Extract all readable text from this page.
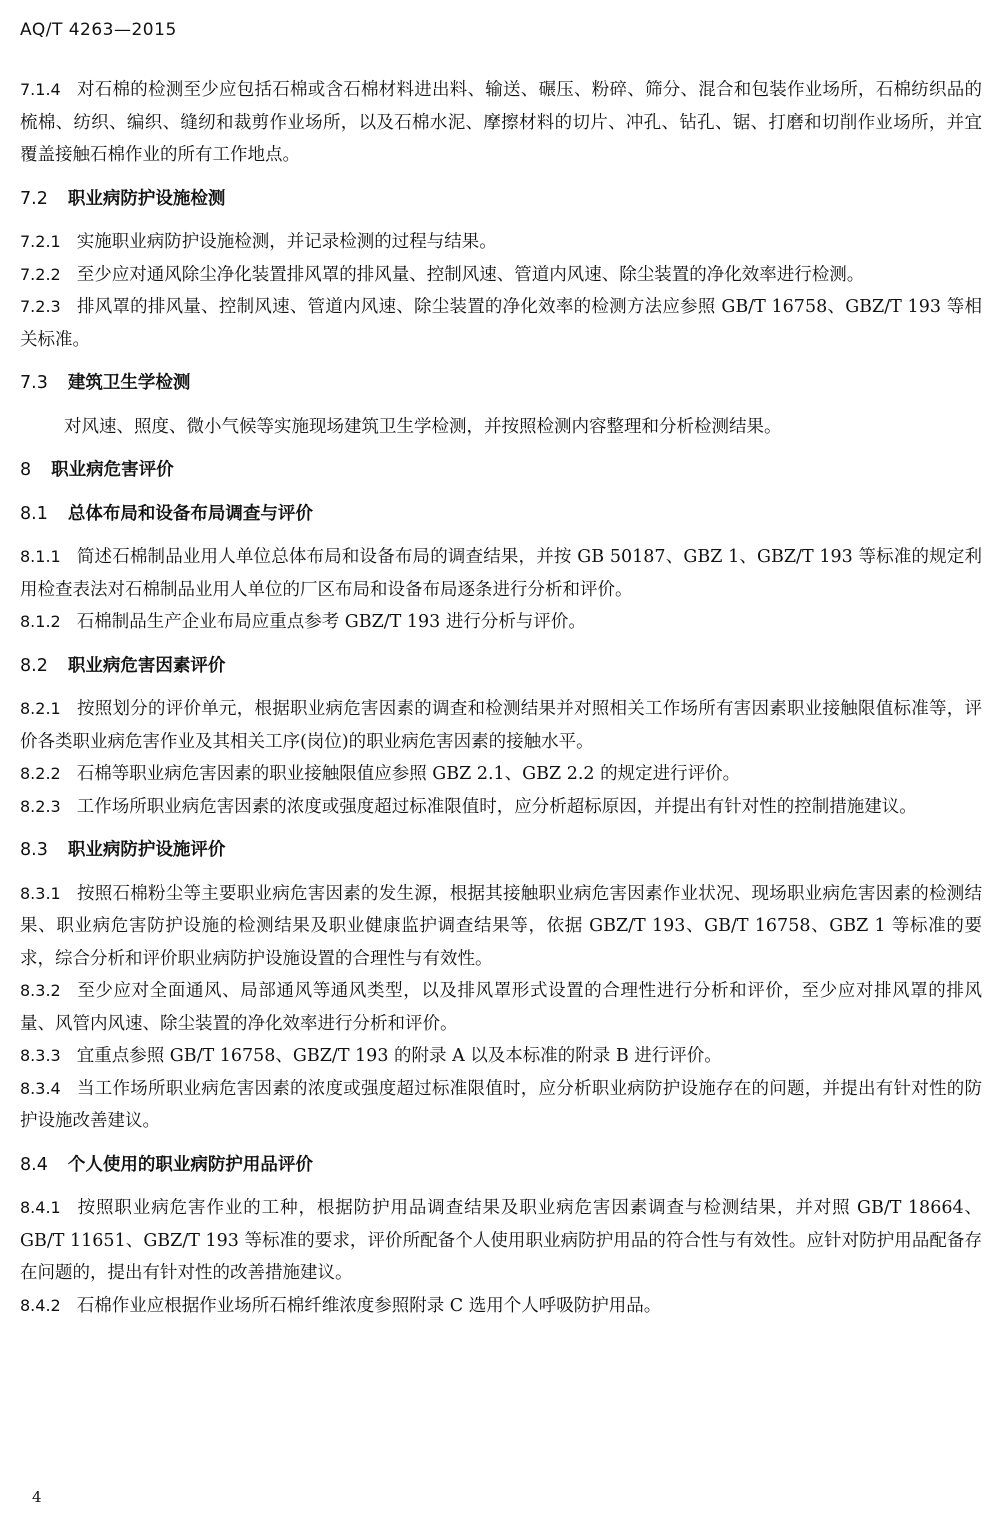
AQ/T 4263—2015

7.1.4 对石棉的检测至少应包括石棉或含石棉材料进出料、输送、碾压、粉碎、筛分、混合和包装作业场所，石棉纺织品的梳棉、纺织、编织、缝纫和裁剪作业场所，以及石棉水泥、摩擦材料的切片、冲孔、钻孔、锯、打磨和切削作业场所，并宜覆盖接触石棉作业的所有工作地点。

7.2 职业病防护设施检测

7.2.1 实施职业病防护设施检测，并记录检测的过程与结果。

7.2.2 至少应对通风除尘净化装置排风罩的排风量、控制风速、管道内风速、除尘装置的净化效率进行检测。

7.2.3 排风罩的排风量、控制风速、管道内风速、除尘装置的净化效率的检测方法应参照 GB/T 16758、GBZ/T 193 等相关标准。

7.3 建筑卫生学检测

对风速、照度、微小气候等实施现场建筑卫生学检测，并按照检测内容整理和分析检测结果。

8 职业病危害评价

8.1 总体布局和设备布局调查与评价

8.1.1 简述石棉制品业用人单位总体布局和设备布局的调查结果，并按 GB 50187、GBZ 1、GBZ/T 193 等标准的规定利用检查表法对石棉制品业用人单位的厂区布局和设备布局逐条进行分析和评价。

8.1.2 石棉制品生产企业布局应重点参考 GBZ/T 193 进行分析与评价。

8.2 职业病危害因素评价

8.2.1 按照划分的评价单元，根据职业病危害因素的调查和检测结果并对照相关工作场所有害因素职业接触限值标准等，评价各类职业病危害作业及其相关工序(岗位)的职业病危害因素的接触水平。

8.2.2 石棉等职业病危害因素的职业接触限值应参照 GBZ 2.1、GBZ 2.2 的规定进行评价。

8.2.3 工作场所职业病危害因素的浓度或强度超过标准限值时，应分析超标原因，并提出有针对性的控制措施建议。

8.3 职业病防护设施评价

8.3.1 按照石棉粉尘等主要职业病危害因素的发生源，根据其接触职业病危害因素作业状况、现场职业病危害因素的检测结果、职业病危害防护设施的检测结果及职业健康监护调查结果等，依据 GBZ/T 193、GB/T 16758、GBZ 1 等标准的要求，综合分析和评价职业病防护设施设置的合理性与有效性。

8.3.2 至少应对全面通风、局部通风等通风类型，以及排风罩形式设置的合理性进行分析和评价，至少应对排风罩的排风量、风管内风速、除尘装置的净化效率进行分析和评价。

8.3.3 宜重点参照 GB/T 16758、GBZ/T 193 的附录 A 以及本标准的附录 B 进行评价。

8.3.4 当工作场所职业病危害因素的浓度或强度超过标准限值时，应分析职业病防护设施存在的问题，并提出有针对性的防护设施改善建议。

8.4 个人使用的职业病防护用品评价

8.4.1 按照职业病危害作业的工种，根据防护用品调查结果及职业病危害因素调查与检测结果，并对照 GB/T 18664、GB/T 11651、GBZ/T 193 等标准的要求，评价所配备个人使用职业病防护用品的符合性与有效性。应针对防护用品配备存在问题的，提出有针对性的改善措施建议。

8.4.2 石棉作业应根据作业场所石棉纤维浓度参照附录 C 选用个人呼吸防护用品。

4
